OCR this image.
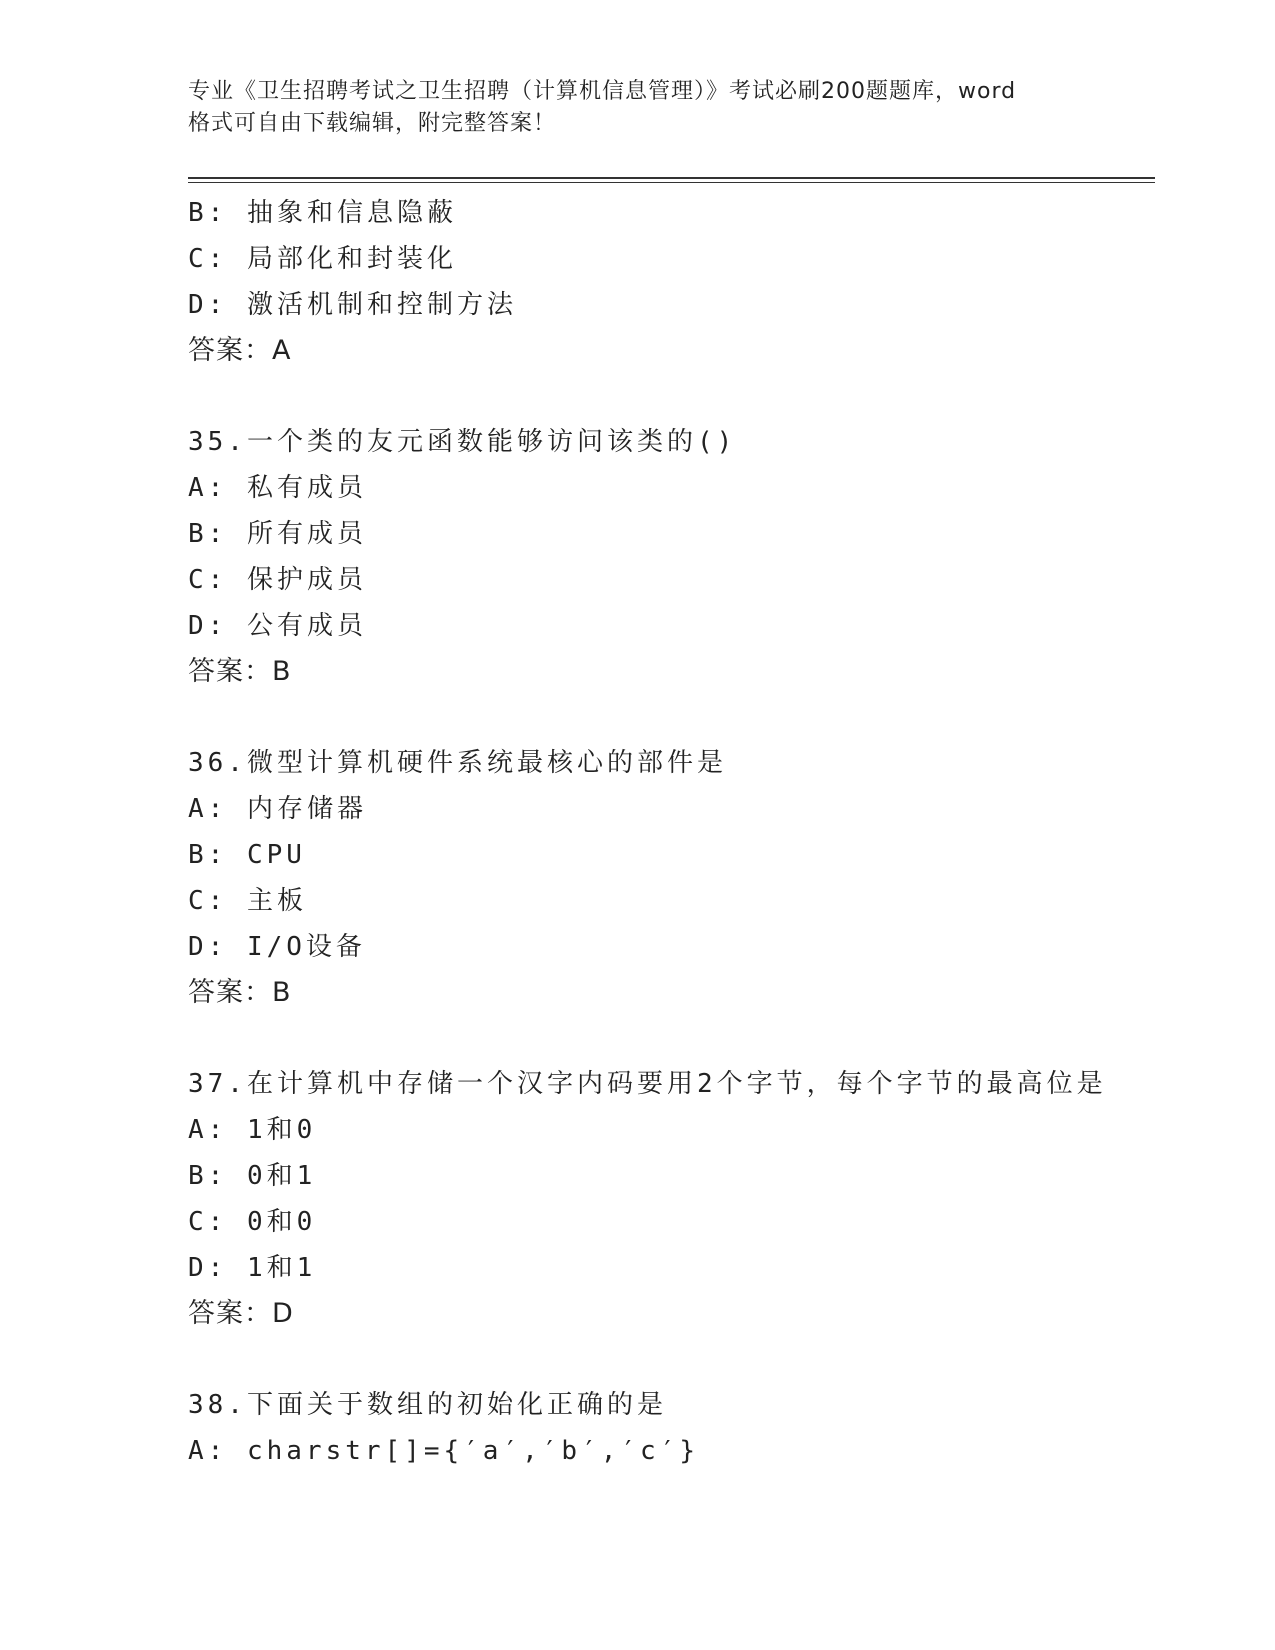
专业《卫生招聘考试之卫生招聘（计算机信息管理）》考试必刷200题题库，word
格式可自由下载编辑，附完整答案！
B: 抽象和信息隐蔽
C: 局部化和封装化
D: 激活机制和控制方法
答案：A
35.一个类的友元函数能够访问该类的()
A: 私有成员
B: 所有成员
C: 保护成员
D: 公有成员
答案：B
36.微型计算机硬件系统最核心的部件是
A: 内存储器
B: CPU
C: 主板
D: I/O设备
答案：B
37.在计算机中存储一个汉字内码要用2个字节，每个字节的最高位是
A: 1和0
B: 0和1
C: 0和0
D: 1和1
答案：D
38.下面关于数组的初始化正确的是
A: charstr[]={′a′,′b′,′c′}
